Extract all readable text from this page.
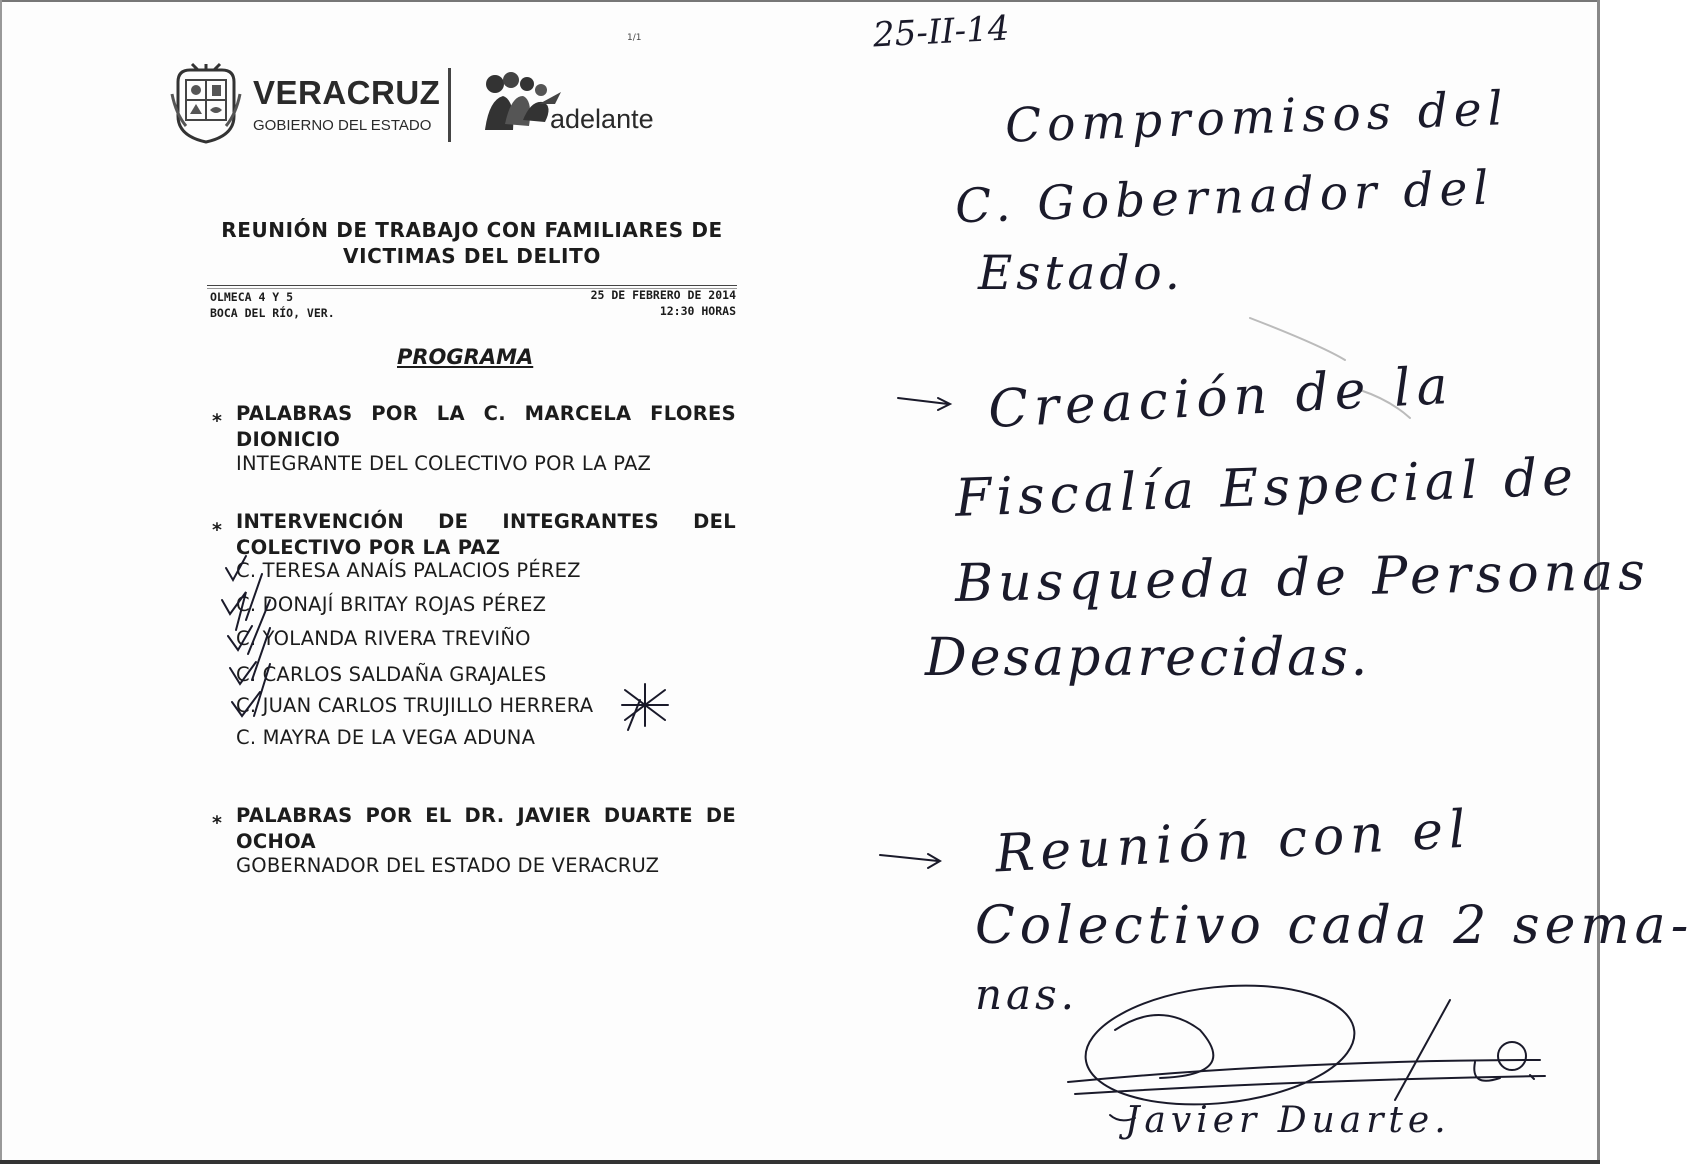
1/1
VERACRUZ
GOBIERNO DEL ESTADO	adelante
REUNIÓN DE TRABAJO CON FAMILIARES DE
VICTIMAS DEL DELITO
OLMECA 4 Y 5
BOCA DEL RÍO, VER.
25 DE FEBRERO DE 2014
12:30 HORAS
PROGRAMA
* PALABRAS POR LA C. MARCELA FLORES
DIONICIO
INTEGRANTE DEL COLECTIVO POR LA PAZ
* INTERVENCIÓN DE INTEGRANTES DEL
COLECTIVO POR LA PAZ
C. TERESA ANAÍS PALACIOS PÉREZ
C. DONAJÍ BRITAY ROJAS PÉREZ
C. YOLANDA RIVERA TREVIÑO
C. CARLOS SALDAÑA GRAJALES
C. JUAN CARLOS TRUJILLO HERRERA
C. MAYRA DE LA VEGA ADUNA
* PALABRAS POR EL DR. JAVIER DUARTE DE
OCHOA
GOBERNADOR DEL ESTADO DE VERACRUZ
25-II-14
Compromisos del
C. Gobernador del
Estado.
Creación de la
Fiscalía Especial de
Busqueda de Personas
Desaparecidas.
Reunión con el
Colectivo cada 2 sema-
nas.
Javier Duarte.
